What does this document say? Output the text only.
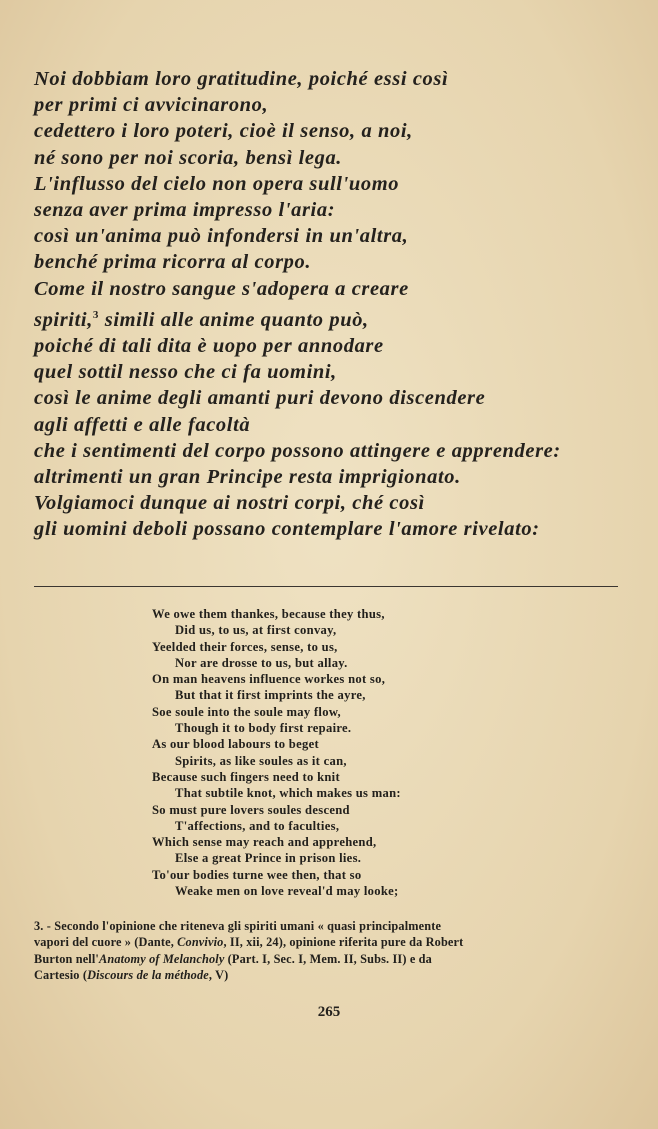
Noi dobbiam loro gratitudine, poiché essi così
per primi ci avvicinarono,
cedettero i loro poteri, cioè il senso, a noi,
né sono per noi scoria, bensì lega.
L'influsso del cielo non opera sull'uomo
senza aver prima impresso l'aria:
così un'anima può infondersi in un'altra,
benché prima ricorra al corpo.
Come il nostro sangue s'adopera a creare
spiriti,$^3$ simili alle anime quanto può,
poiché di tali dita è uopo per annodare
quel sottil nesso che ci fa uomini,
così le anime degli amanti puri devono discendere
agli affetti e alle facoltà
che i sentimenti del corpo possono attingere e apprendere:
altrimenti un gran Principe resta imprigionato.
Volgiamoci dunque ai nostri corpi, ché così
gli uomini deboli possano contemplare l'amore rivelato:
We owe them thankes, because they thus,
Did us, to us, at first convay,
Yeelded their forces, sense, to us,
Nor are drosse to us, but allay.
On man heavens influence workes not so,
But that it first imprints the ayre,
Soe soule into the soule may flow,
Though it to body first repaire.
As our blood labours to beget
Spirits, as like soules as it can,
Because such fingers need to knit
That subtile knot, which makes us man:
So must pure lovers soules descend
T'affections, and to faculties,
Which sense may reach and apprehend,
Else a great Prince in prison lies.
To'our bodies turne wee then, that so
Weake men on love reveal'd may looke;
3. - Secondo l'opinione che riteneva gli spiriti umani « quasi principalmente
vapori del cuore » (Dante, Convivio, II, xii, 24), opinione riferita pure da Robert
Burton nell'Anatomy of Melancholy (Part. I, Sec. I, Mem. II, Subs. II) e da
Cartesio (Discours de la méthode, V)
265
